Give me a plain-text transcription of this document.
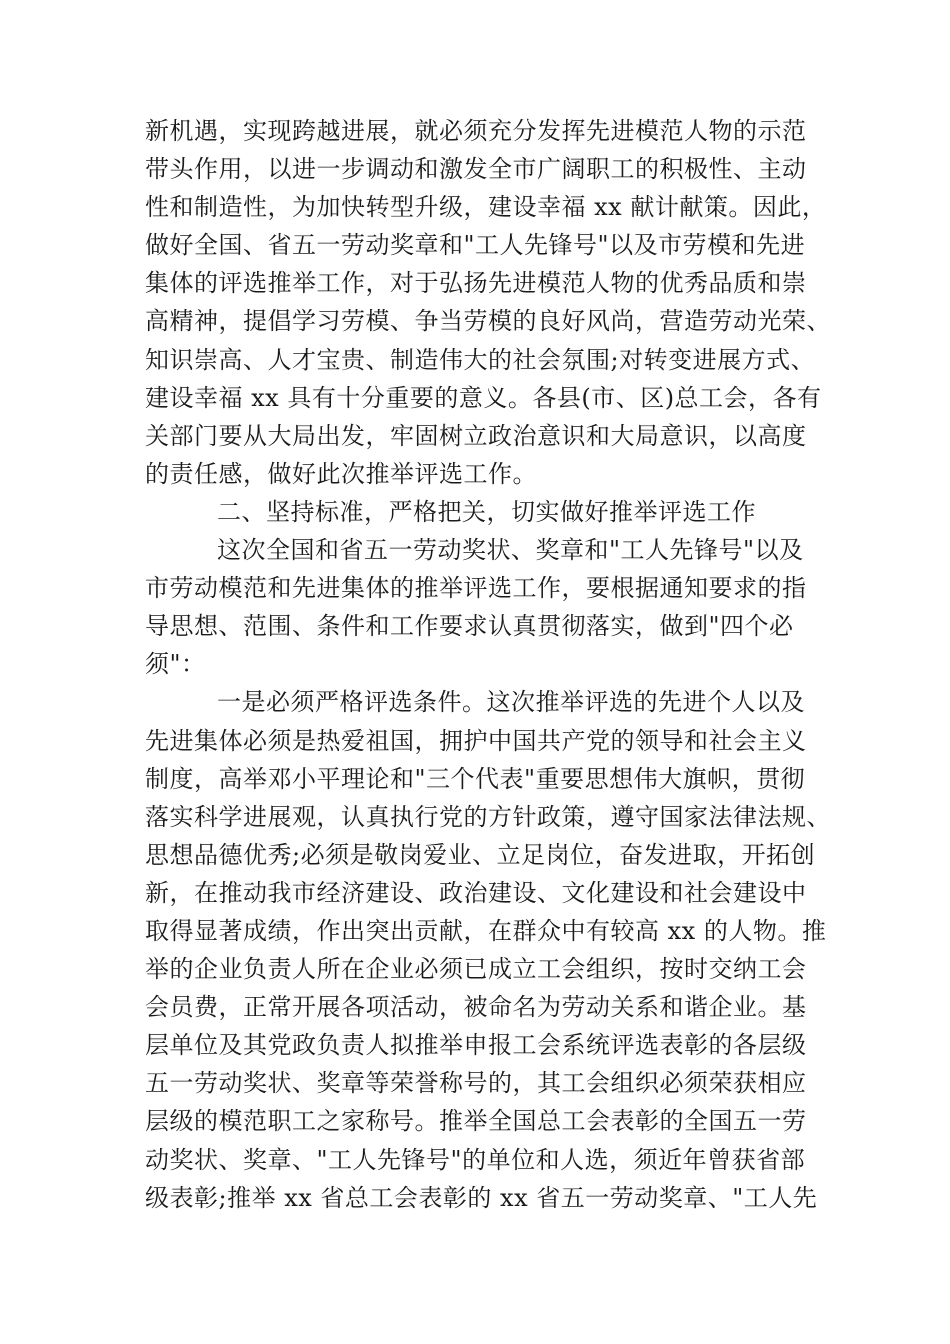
新机遇，实现跨越进展，就必须充分发挥先进模范人物的示范
带头作用，以进一步调动和激发全市广阔职工的积极性、主动
性和制造性，为加快转型升级，建设幸福 xx 献计献策。因此，
做好全国、省五一劳动奖章和"工人先锋号"以及市劳模和先进
集体的评选推举工作，对于弘扬先进模范人物的优秀品质和崇
高精神，提倡学习劳模、争当劳模的良好风尚，营造劳动光荣、
知识崇高、人才宝贵、制造伟大的社会氛围;对转变进展方式、
建设幸福 xx 具有十分重要的意义。各县(市、区)总工会，各有
关部门要从大局出发，牢固树立政治意识和大局意识，以高度
的责任感，做好此次推举评选工作。
二、坚持标准，严格把关，切实做好推举评选工作
这次全国和省五一劳动奖状、奖章和"工人先锋号"以及
市劳动模范和先进集体的推举评选工作，要根据通知要求的指
导思想、范围、条件和工作要求认真贯彻落实，做到"四个必
须"：
一是必须严格评选条件。这次推举评选的先进个人以及
先进集体必须是热爱祖国，拥护中国共产党的领导和社会主义
制度，高举邓小平理论和"三个代表"重要思想伟大旗帜，贯彻
落实科学进展观，认真执行党的方针政策，遵守国家法律法规、
思想品德优秀;必须是敬岗爱业、立足岗位，奋发进取，开拓创
新，在推动我市经济建设、政治建设、文化建设和社会建设中
取得显著成绩，作出突出贡献，在群众中有较高 xx 的人物。推
举的企业负责人所在企业必须已成立工会组织，按时交纳工会
会员费，正常开展各项活动，被命名为劳动关系和谐企业。基
层单位及其党政负责人拟推举申报工会系统评选表彰的各层级
五一劳动奖状、奖章等荣誉称号的，其工会组织必须荣获相应
层级的模范职工之家称号。推举全国总工会表彰的全国五一劳
动奖状、奖章、"工人先锋号"的单位和人选，须近年曾获省部
级表彰;推举 xx 省总工会表彰的 xx 省五一劳动奖章、"工人先
